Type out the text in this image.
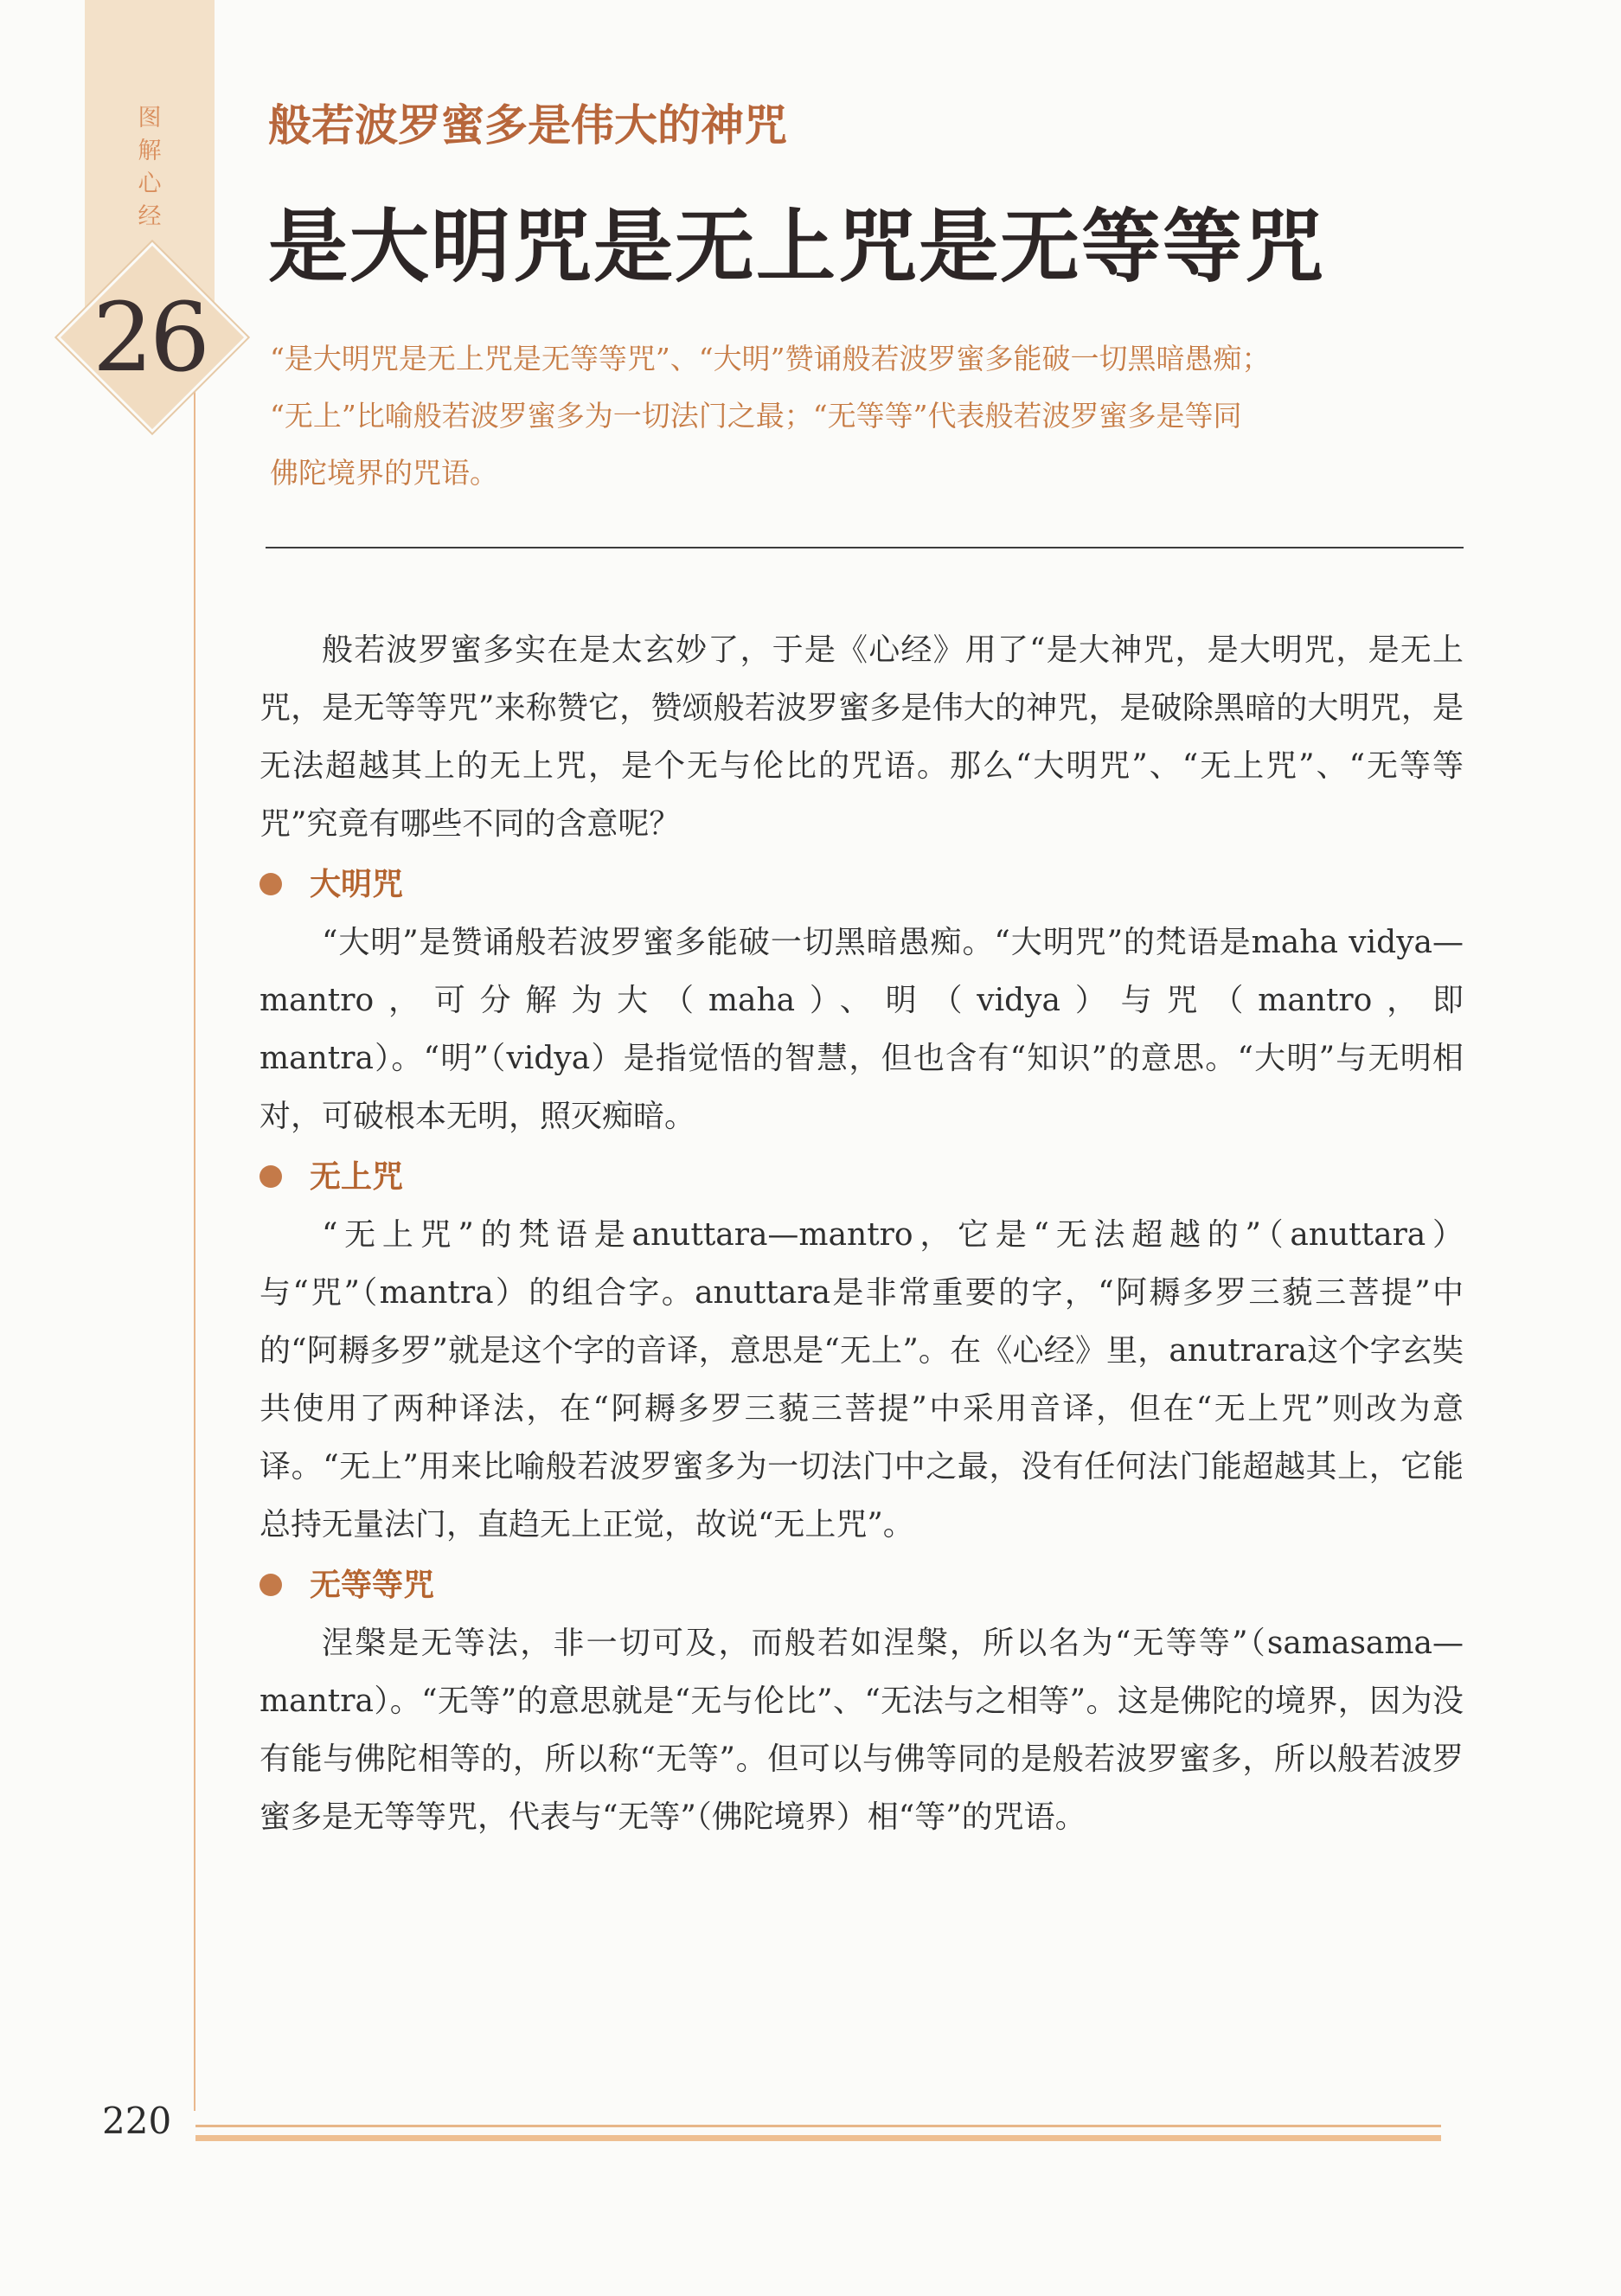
图
解
心
经
26
般若波罗蜜多是伟大的神咒
是大明咒是无上咒是无等等咒

“是大明咒是无上咒是无等等咒”、“大明”赞诵般若波罗蜜多能破一切黑暗愚痴；

“无上”比喻般若波罗蜜多为一切法门之最；“无等等”代表般若波罗蜜多是等同

佛陀境界的咒语。

般若波罗蜜多实在是太玄妙了，于是《心经》用了“是大神咒，是大明咒，是无上咒，是无等等咒”来称赞它，赞颂般若波罗蜜多是伟大的神咒，是破除黑暗的大明咒，是无法超越其上的无上咒，是个无与伦比的咒语。那么“大明咒”、“无上咒”、“无等等咒”究竟有哪些不同的含意呢？

大明咒

“大明”是赞诵般若波罗蜜多能破一切黑暗愚痴。“大明咒”的梵语是maha vidya—mantro，可分解为大（maha）、明（vidya）与咒（mantro，即mantra）。“明”（vidya）是指觉悟的智慧，但也含有“知识”的意思。“大明”与无明相对，可破根本无明，照灭痴暗。

无上咒

“无上咒”的梵语是anuttara—mantro，它是“无法超越的”（anuttara）与“咒”（mantra）的组合字。anuttara是非常重要的字，“阿耨多罗三藐三菩提”中的“阿耨多罗”就是这个字的音译，意思是“无上”。在《心经》里，anutrara这个字玄奘共使用了两种译法，在“阿耨多罗三藐三菩提”中采用音译，但在“无上咒”则改为意译。“无上”用来比喻般若波罗蜜多为一切法门中之最，没有任何法门能超越其上，它能总持无量法门，直趋无上正觉，故说“无上咒”。

无等等咒

涅槃是无等法，非一切可及，而般若如涅槃，所以名为“无等等”（samasama—mantra）。“无等”的意思就是“无与伦比”、“无法与之相等”。这是佛陀的境界，因为没有能与佛陀相等的，所以称“无等”。但可以与佛等同的是般若波罗蜜多，所以般若波罗蜜多是无等等咒，代表与“无等”（佛陀境界）相“等”的咒语。

220
